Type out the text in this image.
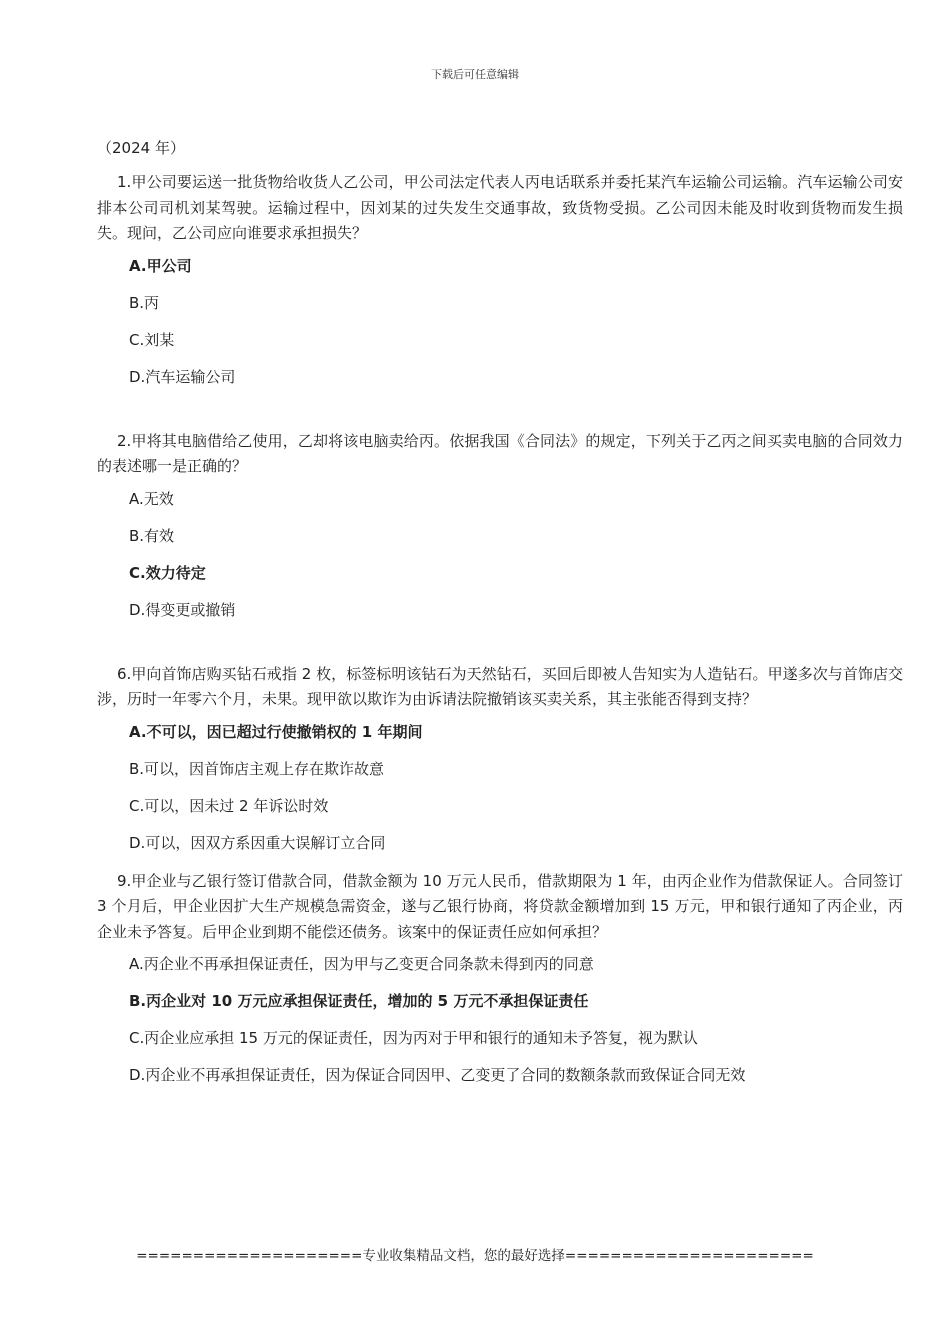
下载后可任意编辑

（2024 年）

1.甲公司要运送一批货物给收货人乙公司，甲公司法定代表人丙电话联系并委托某汽车运输公司运输。汽车运输公司安排本公司司机刘某驾驶。运输过程中，因刘某的过失发生交通事故，致货物受损。乙公司因未能及时收到货物而发生损失。现问，乙公司应向谁要求承担损失？

A.甲公司

B.丙

C.刘某

D.汽车运输公司

2.甲将其电脑借给乙使用，乙却将该电脑卖给丙。依据我国《合同法》的规定，下列关于乙丙之间买卖电脑的合同效力的表述哪一是正确的？

A.无效

B.有效

C.效力待定

D.得变更或撤销

6.甲向首饰店购买钻石戒指 2 枚，标签标明该钻石为天然钻石，买回后即被人告知实为人造钻石。甲遂多次与首饰店交涉，历时一年零六个月，未果。现甲欲以欺诈为由诉请法院撤销该买卖关系，其主张能否得到支持？

A.不可以，因已超过行使撤销权的 1 年期间

B.可以，因首饰店主观上存在欺诈故意

C.可以，因未过 2 年诉讼时效

D.可以，因双方系因重大误解订立合同

9.甲企业与乙银行签订借款合同，借款金额为 10 万元人民币，借款期限为 1 年，由丙企业作为借款保证人。合同签订 3 个月后，甲企业因扩大生产规模急需资金，遂与乙银行协商，将贷款金额增加到 15 万元，甲和银行通知了丙企业，丙企业未予答复。后甲企业到期不能偿还债务。该案中的保证责任应如何承担？

A.丙企业不再承担保证责任，因为甲与乙变更合同条款未得到丙的同意

B.丙企业对 10 万元应承担保证责任，增加的 5 万元不承担保证责任

C.丙企业应承担 15 万元的保证责任，因为丙对于甲和银行的通知未予答复，视为默认

D.丙企业不再承担保证责任，因为保证合同因甲、乙变更了合同的数额条款而致保证合同无效

====================专业收集精品文档，您的最好选择======================
